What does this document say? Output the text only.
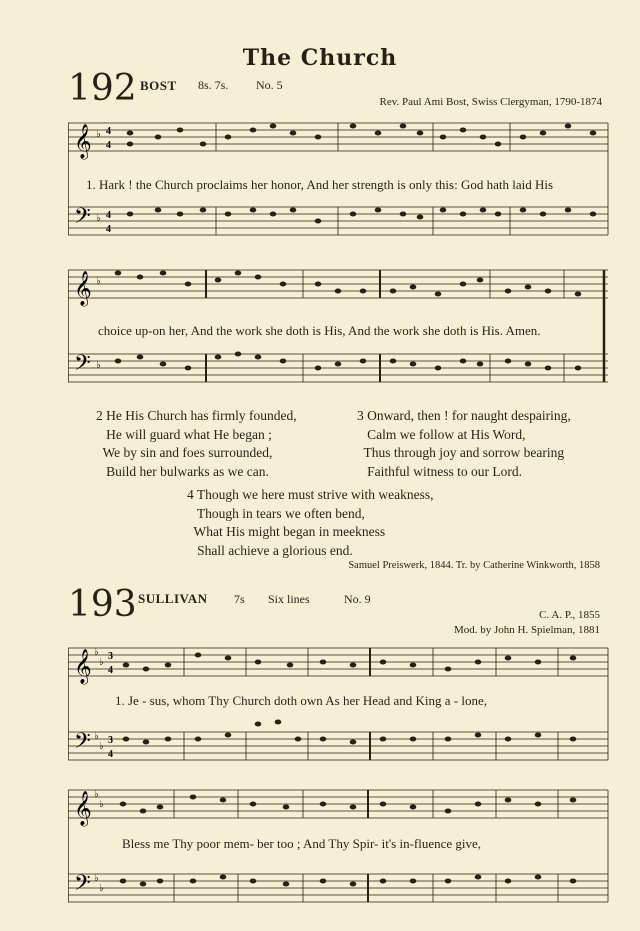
The Church
192 BOST 8s. 7s. No. 5
Rev. Paul Ami Bost, Swiss Clergyman, 1790-1874
𝄞
𝄢
♭
♭
4
4
4
4
1. Hark ! the Church proclaims her honor, And her strength is only this: God hath laid His
𝄞
𝄢
♭
♭
choice up-on her, And the work she doth is His, And the work she doth is His. Amen.
2 He His Church has firmly founded,
He will guard what He began ;
We by sin and foes surrounded,
Build her bulwarks as we can.
3 Onward, then ! for naught despairing,
Calm we follow at His Word,
Thus through joy and sorrow bearing
Faithful witness to our Lord.
4 Though we here must strive with weakness,
Though in tears we often bend,
What His might began in meekness
Shall achieve a glorious end.
Samuel Preiswerk, 1844. Tr. by Catherine Winkworth, 1858
193 SULLIVAN 7s Six lines	No. 9
C. A. P., 1855
Mod. by John H. Spielman, 1881
𝄞
𝄢
♭
♭
♭
♭
3
4
3
4
1. Je - sus, whom Thy Church doth own As her Head and King a - lone,
𝄞
𝄢
♭
♭
♭
♭
Bless me Thy poor mem- ber too ; And Thy Spir- it's in-fluence give,
